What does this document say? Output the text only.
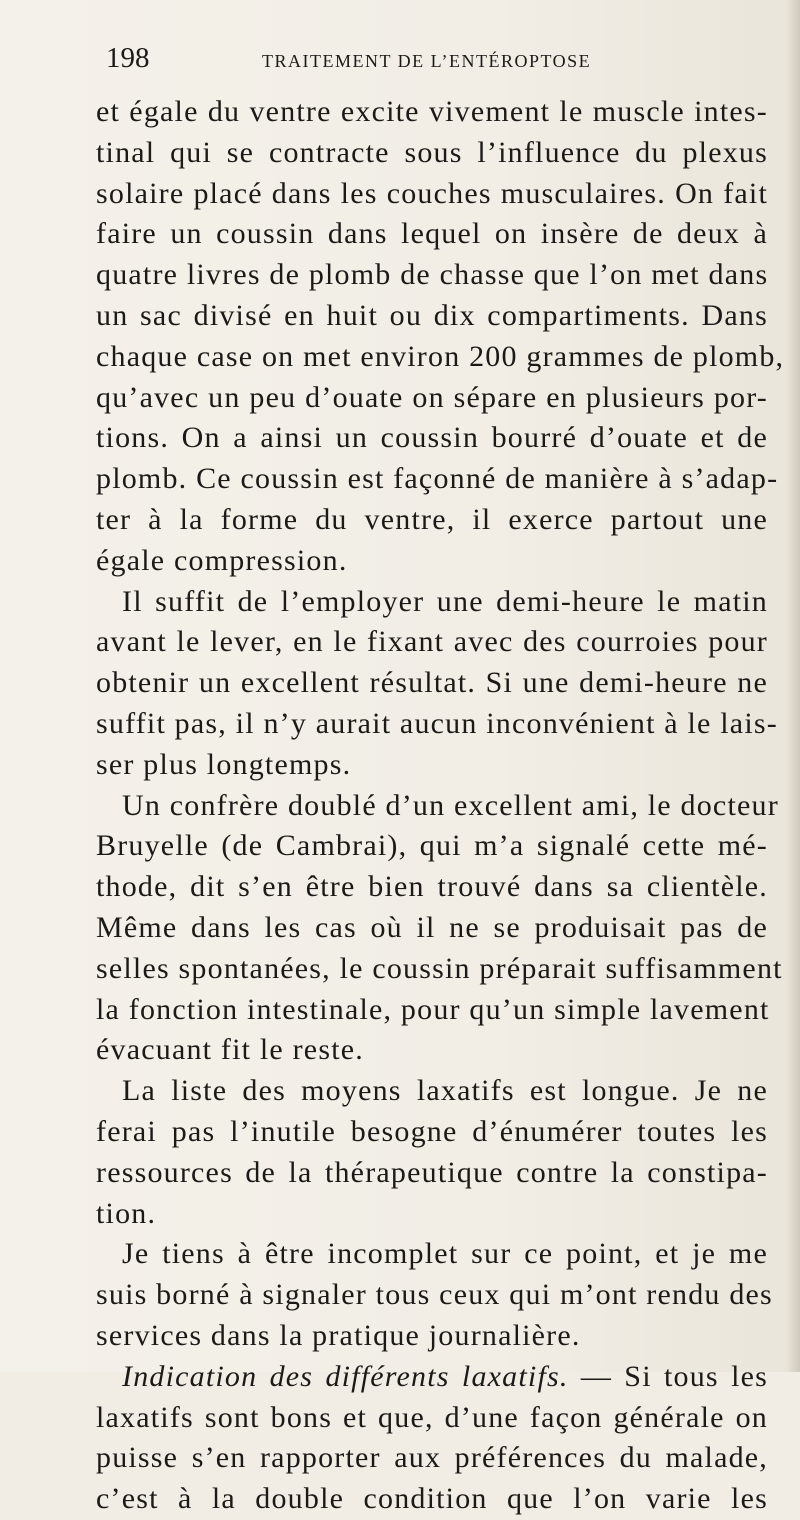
198	TRAITEMENT DE L’ENTÉROPTOSE

et égale du ventre excite vivement le muscle intes-
tinal qui se contracte sous l’influence du plexus
solaire placé dans les couches musculaires. On fait
faire un coussin dans lequel on insère de deux à
quatre livres de plomb de chasse que l’on met dans
un sac divisé en huit ou dix compartiments. Dans
chaque case on met environ 200 grammes de plomb,
qu’avec un peu d’ouate on sépare en plusieurs por-
tions. On a ainsi un coussin bourré d’ouate et de
plomb. Ce coussin est façonné de manière à s’adap-
ter à la forme du ventre, il exerce partout une
égale compression.

Il suffit de l’employer une demi-heure le matin
avant le lever, en le fixant avec des courroies pour
obtenir un excellent résultat. Si une demi-heure ne
suffit pas, il n’y aurait aucun inconvénient à le lais-
ser plus longtemps.

Un confrère doublé d’un excellent ami, le docteur
Bruyelle (de Cambrai), qui m’a signalé cette mé-
thode, dit s’en être bien trouvé dans sa clientèle.
Même dans les cas où il ne se produisait pas de
selles spontanées, le coussin préparait suffisamment
la fonction intestinale, pour qu’un simple lavement
évacuant fit le reste.

La liste des moyens laxatifs est longue. Je ne
ferai pas l’inutile besogne d’énumérer toutes les
ressources de la thérapeutique contre la constipa-
tion.

Je tiens à être incomplet sur ce point, et je me
suis borné à signaler tous ceux qui m’ont rendu des
services dans la pratique journalière.

Indication des différents laxatifs. — Si tous les
laxatifs sont bons et que, d’une façon générale on
puisse s’en rapporter aux préférences du malade,
c’est à la double condition que l’on varie les
